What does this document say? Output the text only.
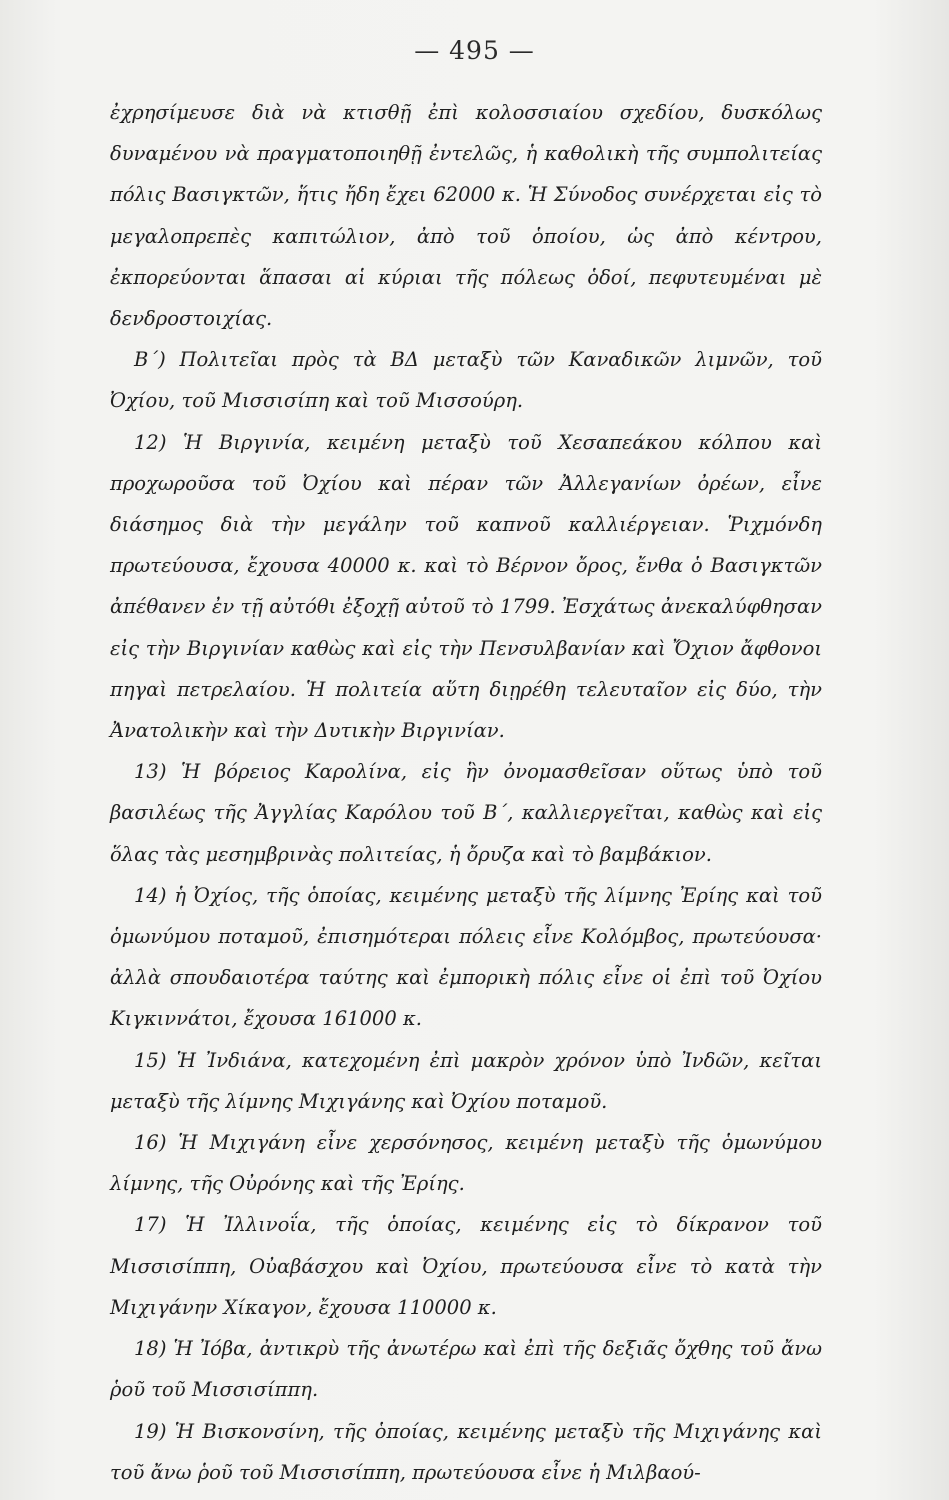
— 495 —

ἐχρησίμευσε διὰ νὰ κτισθῇ ἐπὶ κολοσσιαίου σχεδίου, δυσκόλως δυναμένου νὰ πραγματοποιηθῇ ἐντελῶς, ἡ καθολικὴ τῆς συμπολιτείας πόλις Βασιγκτῶν, ἥτις ἤδη ἔχει 62000 κ. Ἡ Σύνοδος συνέρχεται εἰς τὸ μεγαλοπρεπὲς καπιτώλιον, ἀπὸ τοῦ ὁποίου, ὡς ἀπὸ κέντρου, ἐκπορεύονται ἅπασαι αἱ κύριαι τῆς πόλεως ὁδοί, πεφυτευμέναι μὲ δενδροστοιχίας.

Β΄) Πολιτεῖαι πρὸς τὰ ΒΔ μεταξὺ τῶν Καναδικῶν λιμνῶν, τοῦ Ὀχίου, τοῦ Μισσισίπη καὶ τοῦ Μισσούρη.

12) Ἡ Βιργινία, κειμένη μεταξὺ τοῦ Χεσαπεάκου κόλπου καὶ προχωροῦσα τοῦ Ὀχίου καὶ πέραν τῶν Ἀλλεγανίων ὀρέων, εἶνε διάσημος διὰ τὴν μεγάλην τοῦ καπνοῦ καλλιέργειαν. Ῥιχμόνδη πρωτεύουσα, ἔχουσα 40000 κ. καὶ τὸ Βέρνον ὄρος, ἔνθα ὁ Βασιγκτῶν ἀπέθανεν ἐν τῇ αὐτόθι ἐξοχῇ αὐτοῦ τὸ 1799. Ἐσχάτως ἀνεκαλύφθησαν εἰς τὴν Βιργινίαν καθὼς καὶ εἰς τὴν Πενσυλβανίαν καὶ Ὄχιον ἄφθονοι πηγαὶ πετρελαίου. Ἡ πολιτεία αὕτη διῃρέθη τελευταῖον εἰς δύο, τὴν Ἀνατολικὴν καὶ τὴν Δυτικὴν Βιργινίαν.

13) Ἡ βόρειος Καρολίνα, εἰς ἣν ὀνομασθεῖσαν οὕτως ὑπὸ τοῦ βασιλέως τῆς Ἀγγλίας Καρόλου τοῦ Β΄, καλλιεργεῖται, καθὼς καὶ εἰς ὅλας τὰς μεσημβρινὰς πολιτείας, ἡ ὄρυζα καὶ τὸ βαμβάκιον.

14) ἡ Ὀχίος, τῆς ὁποίας, κειμένης μεταξὺ τῆς λίμνης Ἐρίης καὶ τοῦ ὁμωνύμου ποταμοῦ, ἐπισημότεραι πόλεις εἶνε Κολόμβος, πρωτεύουσα· ἀλλὰ σπουδαιοτέρα ταύτης καὶ ἐμπορικὴ πόλις εἶνε οἱ ἐπὶ τοῦ Ὀχίου Κιγκιννάτοι, ἔχουσα 161000 κ.

15) Ἡ Ἰνδιάνα, κατεχομένη ἐπὶ μακρὸν χρόνον ὑπὸ Ἰνδῶν, κεῖται μεταξὺ τῆς λίμνης Μιχιγάνης καὶ Ὀχίου ποταμοῦ.

16) Ἡ Μιχιγάνη εἶνε χερσόνησος, κειμένη μεταξὺ τῆς ὁμωνύμου λίμνης, τῆς Οὐρόνης καὶ τῆς Ἐρίης.

17) Ἡ Ἰλλινοΐα, τῆς ὁποίας, κειμένης εἰς τὸ δίκρανον τοῦ Μισσισίππη, Οὐαβάσχου καὶ Ὀχίου, πρωτεύουσα εἶνε τὸ κατὰ τὴν Μιχιγάνην Χίκαγον, ἔχουσα 110000 κ.

18) Ἡ Ἰόβα, ἀντικρὺ τῆς ἀνωτέρω καὶ ἐπὶ τῆς δεξιᾶς ὄχθης τοῦ ἄνω ῥοῦ τοῦ Μισσισίππη.

19) Ἡ Βισκονσίνη, τῆς ὁποίας, κειμένης μεταξὺ τῆς Μιχιγάνης καὶ τοῦ ἄνω ῥοῦ τοῦ Μισσισίππη, πρωτεύουσα εἶνε ἡ Μιλβαού-
